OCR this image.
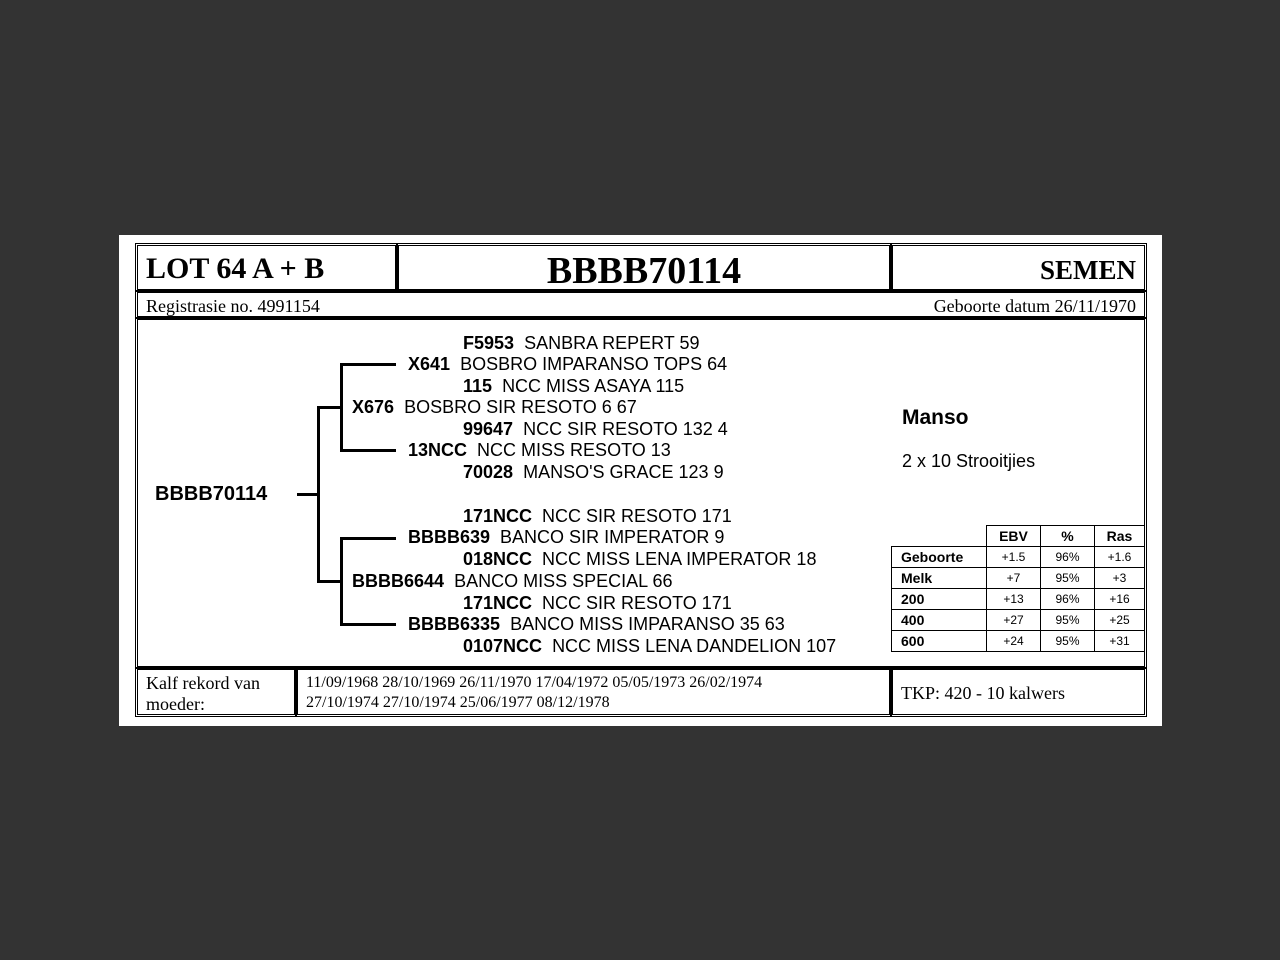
LOT 64 A + B	BBBB70114	SEMEN
Registrasie no. 4991154	Geboorte datum 26/11/1970
BBBB70114
F5953 SANBRA REPERT 59
X641 BOSBRO IMPARANSO TOPS 64
115 NCC MISS ASAYA 115
X676 BOSBRO SIR RESOTO 6 67
99647 NCC SIR RESOTO 132 4
13NCC NCC MISS RESOTO 13
70028 MANSO'S GRACE 123 9
171NCC NCC SIR RESOTO 171
BBBB639 BANCO SIR IMPERATOR 9
018NCC NCC MISS LENA IMPERATOR 18
BBBB6644 BANCO MISS SPECIAL 66
171NCC NCC SIR RESOTO 171
BBBB6335 BANCO MISS IMPARANSO 35 63
0107NCC NCC MISS LENA DANDELION 107
Manso
2 x 10 Strooitjies
	EBV	%	Ras
Geboorte	+1.5	96%	+1.6
Melk	+7	95%	+3
200	+13	96%	+16
400	+27	95%	+25
600	+24	95%	+31
Kalf rekord van
moeder:
11/09/1968 28/10/1969 26/11/1970 17/04/1972 05/05/1973 26/02/1974
27/10/1974 27/10/1974 25/06/1977 08/12/1978	TKP: 420 - 10 kalwers
